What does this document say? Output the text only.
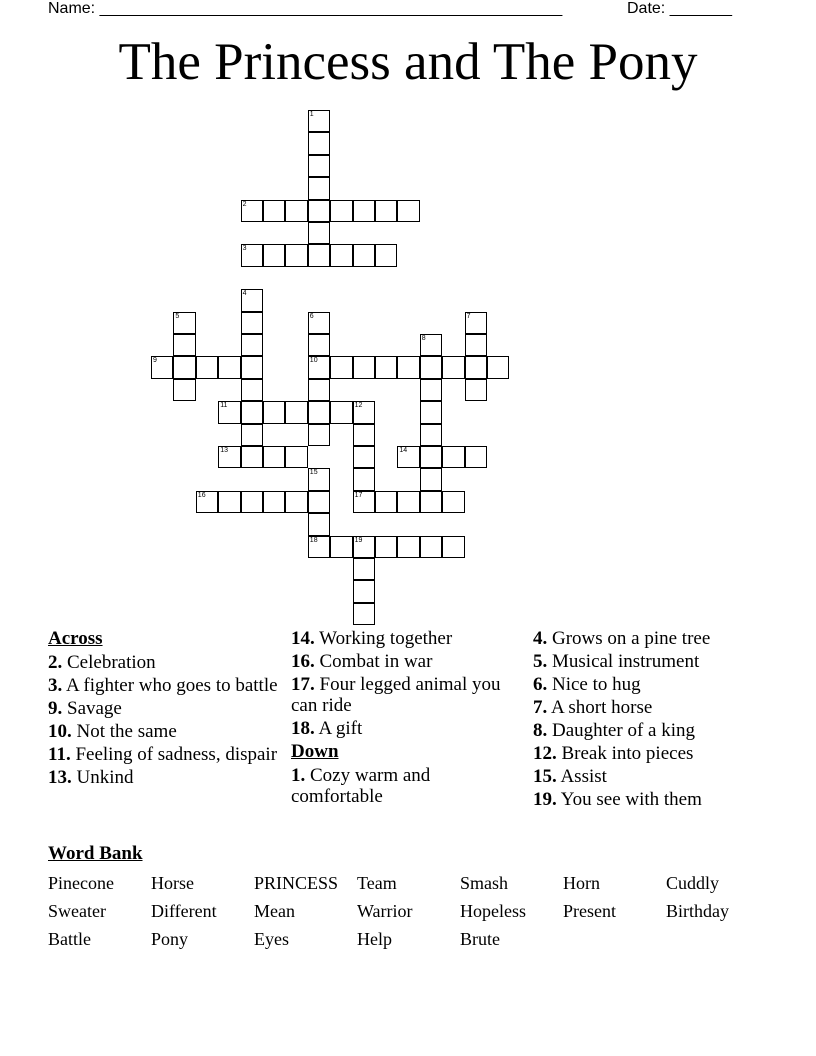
Name: ____________________________________________________	Date: _______
The Princess and The Pony
1
2
3
4
5	6
10
7
8
9
11	12
17
13	14
15
18
16
19
Across
2. Celebration
3. A fighter who goes to battle
9. Savage
10. Not the same
11. Feeling of sadness, dispair
13. Unkind
14. Working together
16. Combat in war
17. Four legged animal you can ride
18. A gift
Down
1. Cozy warm and comfortable
4. Grows on a pine tree
5. Musical instrument
6. Nice to hug
7. A short horse
8. Daughter of a king
12. Break into pieces
15. Assist
19. You see with them
Word Bank
Pinecone	Horse	PRINCESS	Team	Smash	Horn	Cuddly
Sweater	Different	Mean	Warrior	Hopeless	Present	Birthday
Battle	Pony	Eyes	Help	Brute
